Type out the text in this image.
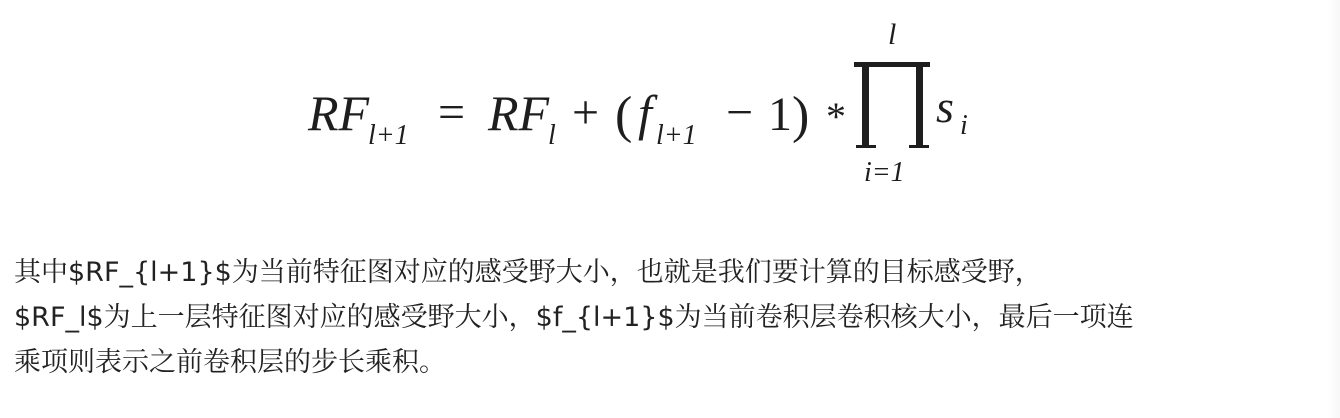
RF
l+1 = RF
l + ( f l+1 − 1 ) *
l
i=1
s i
其中$RF_{l+1}$为当前特征图对应的感受野大小，也就是我们要计算的目标感受野，
$RF_l$为上一层特征图对应的感受野大小，$f_{l+1}$为当前卷积层卷积核大小，最后一项连
乘项则表示之前卷积层的步长乘积。
